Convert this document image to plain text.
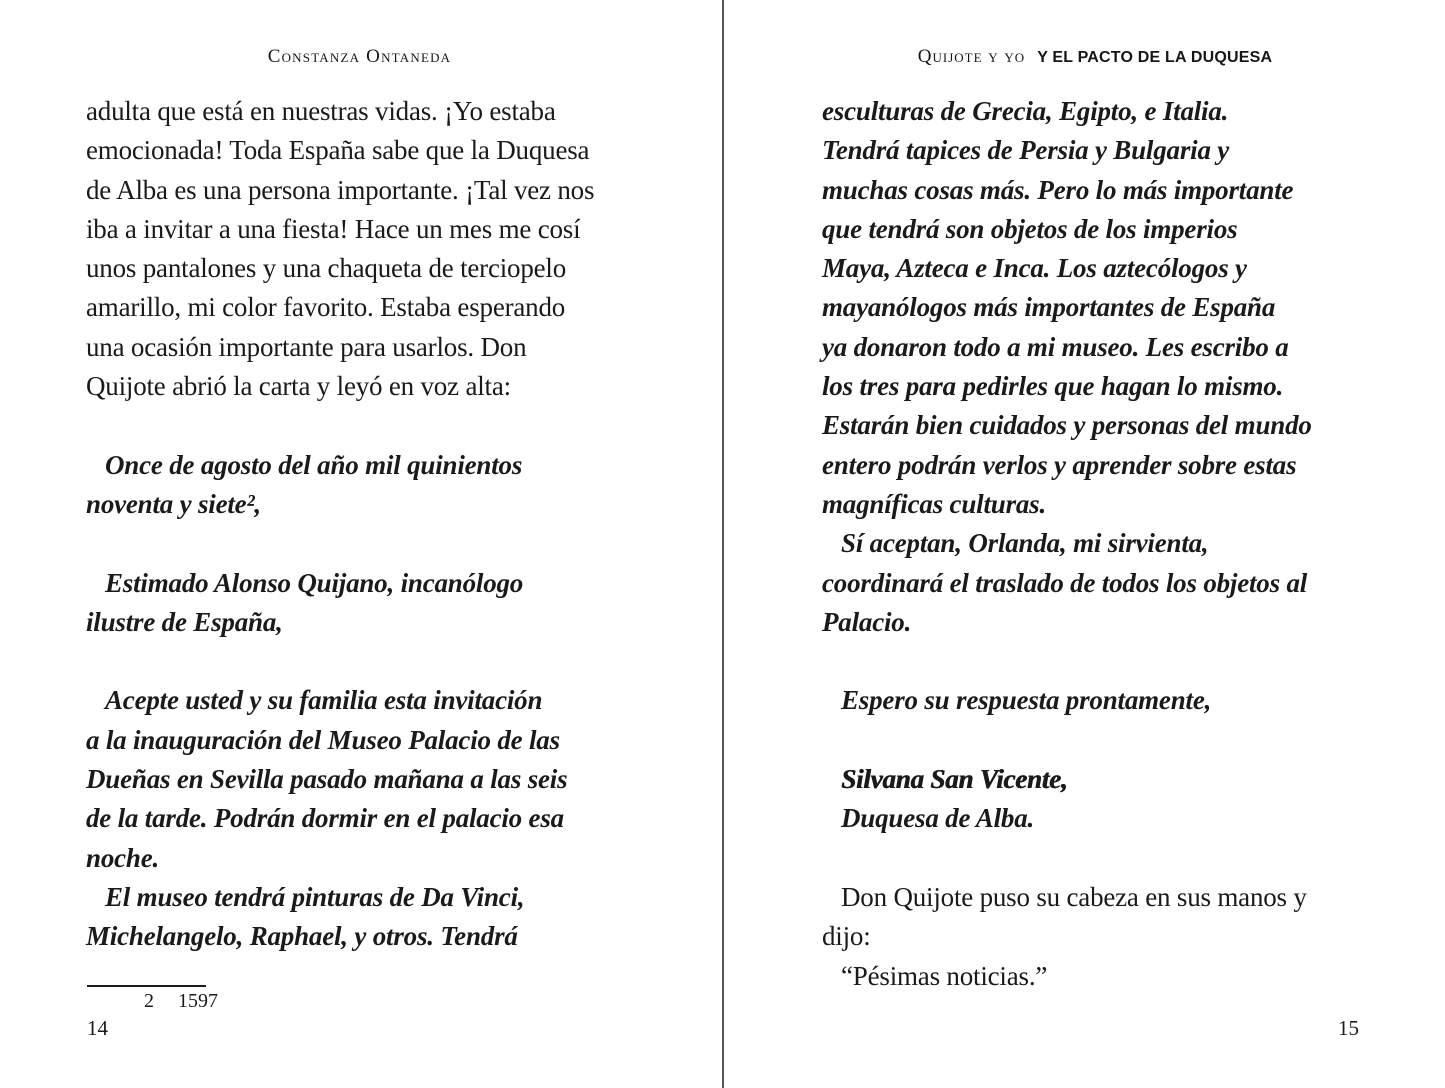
Constanza Ontaneda
adulta que está en nuestras vidas. ¡Yo estaba
emocionada! Toda España sabe que la Duquesa
de Alba es una persona importante. ¡Tal vez nos
iba a invitar a una fiesta! Hace un mes me cosí
unos pantalones y una chaqueta de terciopelo
amarillo, mi color favorito. Estaba esperando
una ocasión importante para usarlos. Don
Quijote abrió la carta y leyó en voz alta:
Once de agosto del año mil quinientos
noventa y siete²,
Estimado Alonso Quijano, incanólogo
ilustre de España,
Acepte usted y su familia esta invitación
a la inauguración del Museo Palacio de las
Dueñas en Sevilla pasado mañana a las seis
de la tarde. Podrán dormir en el palacio esa
noche.
El museo tendrá pinturas de Da Vinci,
Michelangelo, Raphael, y otros. Tendrá
2 1597
14
Quijote y yo Y EL PACTO DE LA DUQUESA
esculturas de Grecia, Egipto, e Italia.
Tendrá tapices de Persia y Bulgaria y
muchas cosas más. Pero lo más importante
que tendrá son objetos de los imperios
Maya, Azteca e Inca. Los aztecólogos y
mayanólogos más importantes de España
ya donaron todo a mi museo. Les escribo a
los tres para pedirles que hagan lo mismo.
Estarán bien cuidados y personas del mundo
entero podrán verlos y aprender sobre estas
magníficas culturas.
Sí aceptan, Orlanda, mi sirvienta,
coordinará el traslado de todos los objetos al
Palacio.
Espero su respuesta prontamente,
Silvana San Vicente,
Duquesa de Alba.
Don Quijote puso su cabeza en sus manos y
dijo:
“Pésimas noticias.”
15
